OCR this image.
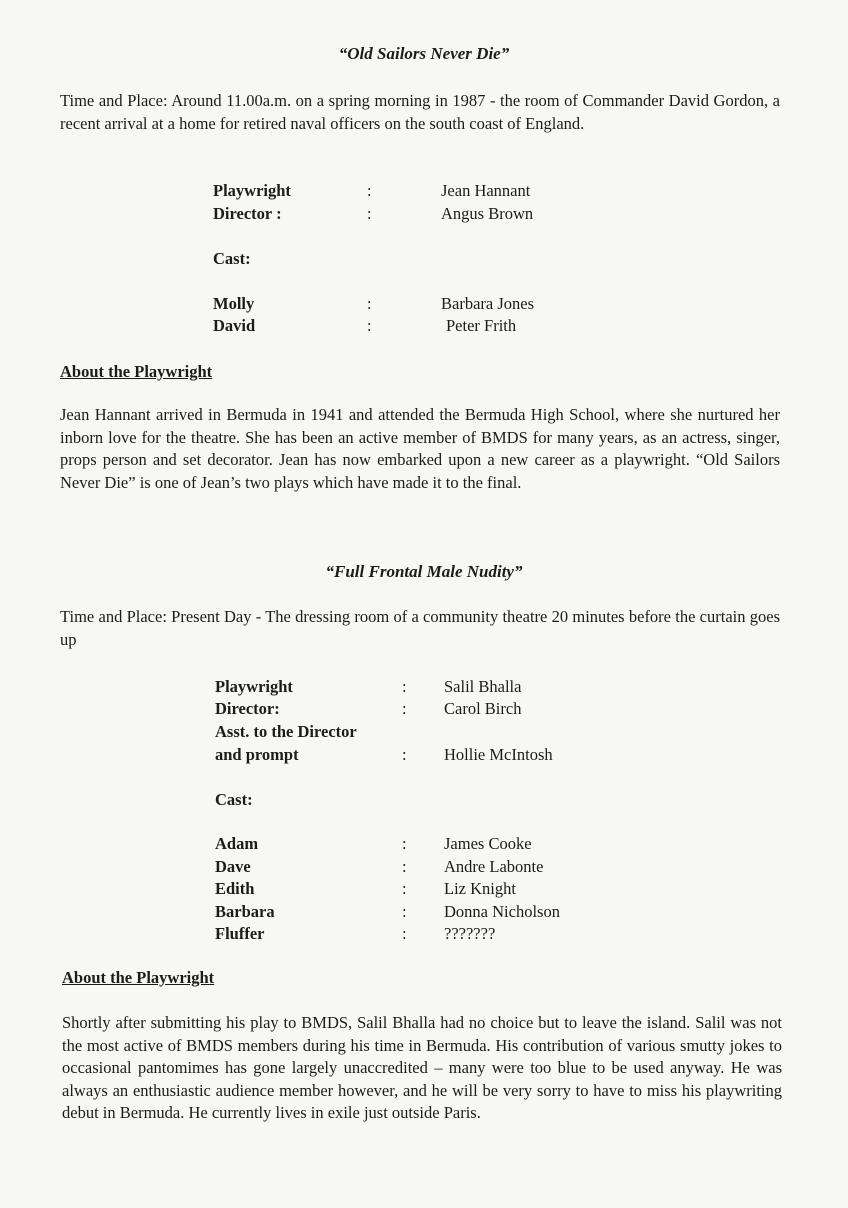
“Old Sailors Never Die”
Time and Place: Around 11.00a.m. on a spring morning in 1987 - the room of Commander David Gordon, a recent arrival at a home for retired naval officers on the south coast of England.
Playwright	:	Jean Hannant
Director :	:	Angus Brown
Cast:
Molly	:	Barbara Jones
David	:	Peter Frith
About the Playwright
Jean Hannant arrived in Bermuda in 1941 and attended the Bermuda High School, where she nurtured her inborn love for the theatre. She has been an active member of BMDS for many years, as an actress, singer, props person and set decorator. Jean has now embarked upon a new career as a playwright. “Old Sailors Never Die” is one of Jean’s two plays which have made it to the final.
“Full Frontal Male Nudity”
Time and Place: Present Day - The dressing room of a community theatre 20 minutes before the curtain goes up
Playwright	: Salil Bhalla
Director:	: Carol Birch
Asst. to the Director
and prompt	: Hollie McIntosh
Cast:
Adam	: James Cooke
Dave	: Andre Labonte
Edith	: Liz Knight
Barbara	: Donna Nicholson
Fluffer	: ???????
About the Playwright
Shortly after submitting his play to BMDS, Salil Bhalla had no choice but to leave the island. Salil was not the most active of BMDS members during his time in Bermuda. His contribution of various smutty jokes to occasional pantomimes has gone largely unaccredited – many were too blue to be used anyway. He was always an enthusiastic audience member however, and he will be very sorry to have to miss his playwriting debut in Bermuda. He currently lives in exile just outside Paris.
